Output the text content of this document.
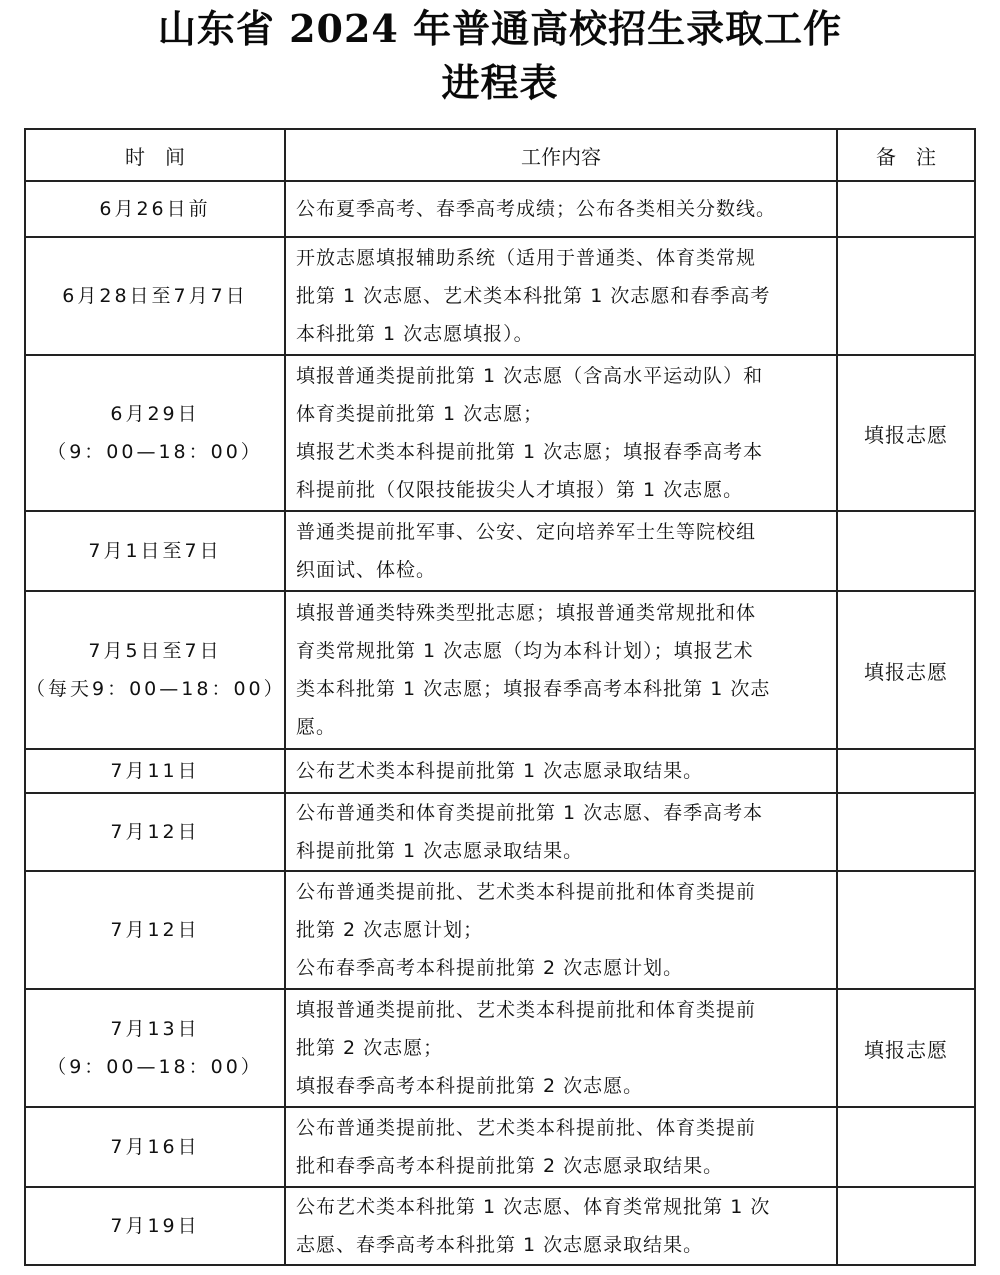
山东省 2024 年普通高校招生录取工作
进程表
时　间	工作内容	备　注

6月26日前	公布夏季高考、春季高考成绩；公布各类相关分数线。	

6月28日至7月7日	开放志愿填报辅助系统（适用于普通类、体育类常规
批第 1 次志愿、艺术类本科批第 1 次志愿和春季高考
本科批第 1 次志愿填报）。	

6月29日
（9：00—18：00）	填报普通类提前批第 1 次志愿（含高水平运动队）和
体育类提前批第 1 次志愿；
填报艺术类本科提前批第 1 次志愿；填报春季高考本
科提前批（仅限技能拔尖人才填报）第 1 次志愿。	填报志愿

7月1日至7日	普通类提前批军事、公安、定向培养军士生等院校组
织面试、体检。	

7月5日至7日
（每天9：00—18：00）	填报普通类特殊类型批志愿；填报普通类常规批和体
育类常规批第 1 次志愿（均为本科计划）；填报艺术
类本科批第 1 次志愿；填报春季高考本科批第 1 次志
愿。	填报志愿

7月11日	公布艺术类本科提前批第 1 次志愿录取结果。	

7月12日	公布普通类和体育类提前批第 1 次志愿、春季高考本
科提前批第 1 次志愿录取结果。	

7月12日	公布普通类提前批、艺术类本科提前批和体育类提前
批第 2 次志愿计划；
公布春季高考本科提前批第 2 次志愿计划。	

7月13日
（9：00—18：00）	填报普通类提前批、艺术类本科提前批和体育类提前
批第 2 次志愿；
填报春季高考本科提前批第 2 次志愿。	填报志愿

7月16日	公布普通类提前批、艺术类本科提前批、体育类提前
批和春季高考本科提前批第 2 次志愿录取结果。	

7月19日	公布艺术类本科批第 1 次志愿、体育类常规批第 1 次
志愿、春季高考本科批第 1 次志愿录取结果。	
